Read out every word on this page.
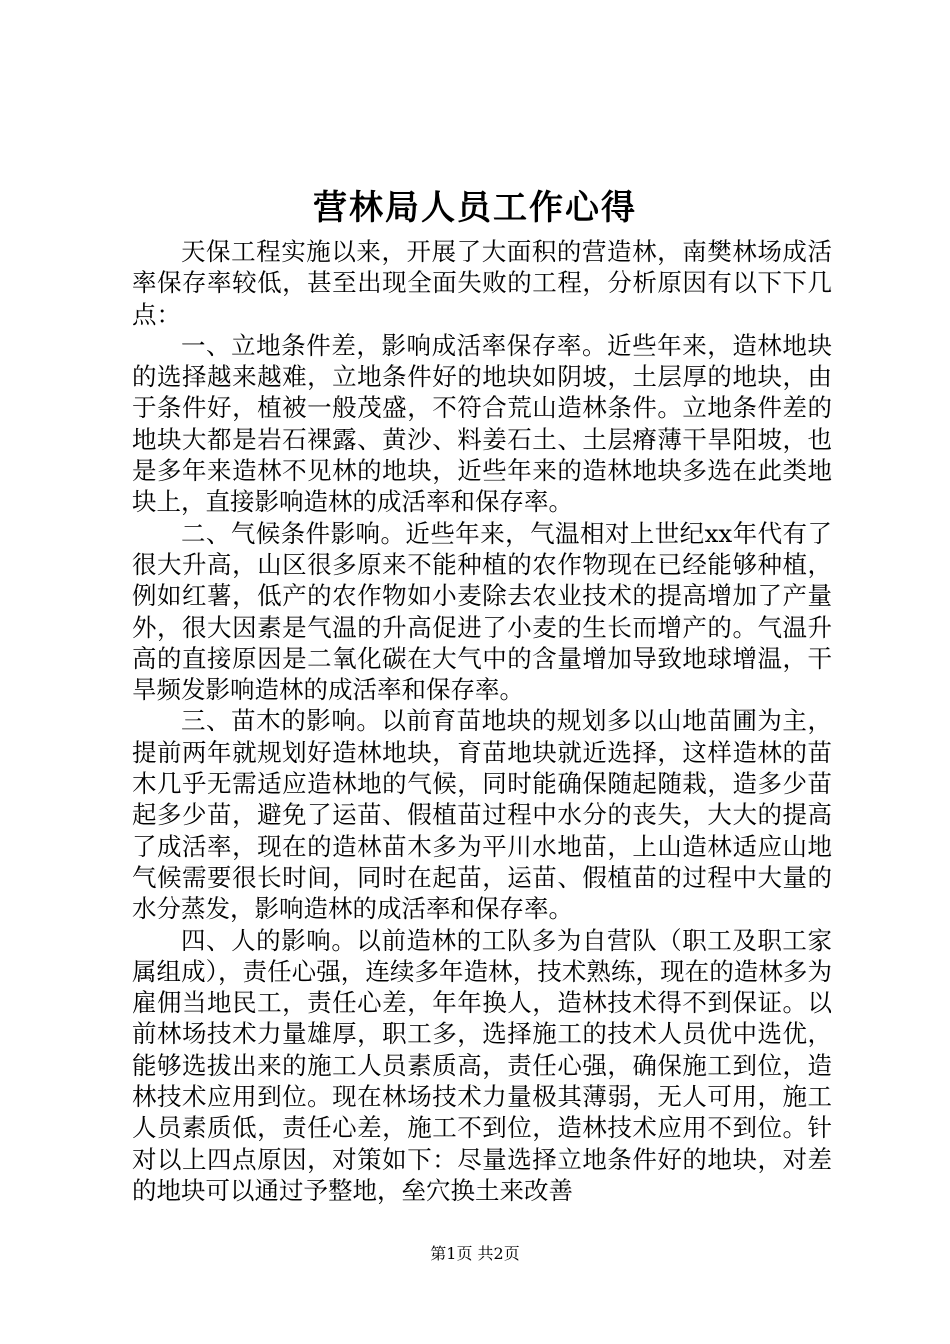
营林局人员工作心得

天保工程实施以来，开展了大面积的营造林，南樊林场成活率保存率较低，甚至出现全面失败的工程，分析原因有以下下几点：

一、立地条件差，影响成活率保存率。近些年来，造林地块的选择越来越难，立地条件好的地块如阴坡，土层厚的地块，由于条件好，植被一般茂盛，不符合荒山造林条件。立地条件差的地块大都是岩石裸露、黄沙、料姜石土、土层瘠薄干旱阳坡，也是多年来造林不见林的地块，近些年来的造林地块多选在此类地块上，直接影响造林的成活率和保存率。

二、气候条件影响。近些年来，气温相对上世纪xx年代有了很大升高，山区很多原来不能种植的农作物现在已经能够种植，例如红薯，低产的农作物如小麦除去农业技术的提高增加了产量外，很大因素是气温的升高促进了小麦的生长而增产的。气温升高的直接原因是二氧化碳在大气中的含量增加导致地球增温，干旱频发影响造林的成活率和保存率。

三、苗木的影响。以前育苗地块的规划多以山地苗圃为主，提前两年就规划好造林地块，育苗地块就近选择，这样造林的苗木几乎无需适应造林地的气候，同时能确保随起随栽，造多少苗起多少苗，避免了运苗、假植苗过程中水分的丧失，大大的提高了成活率，现在的造林苗木多为平川水地苗，上山造林适应山地气候需要很长时间，同时在起苗，运苗、假植苗的过程中大量的水分蒸发，影响造林的成活率和保存率。

四、人的影响。以前造林的工队多为自营队（职工及职工家属组成），责任心强，连续多年造林，技术熟练，现在的造林多为雇佣当地民工，责任心差，年年换人，造林技术得不到保证。以前林场技术力量雄厚，职工多，选择施工的技术人员优中选优，能够选拔出来的施工人员素质高，责任心强，确保施工到位，造林技术应用到位。现在林场技术力量极其薄弱，无人可用，施工人员素质低，责任心差，施工不到位，造林技术应用不到位。针对以上四点原因，对策如下：尽量选择立地条件好的地块，对差的地块可以通过予整地，垒穴换土来改善

第1页 共2页
